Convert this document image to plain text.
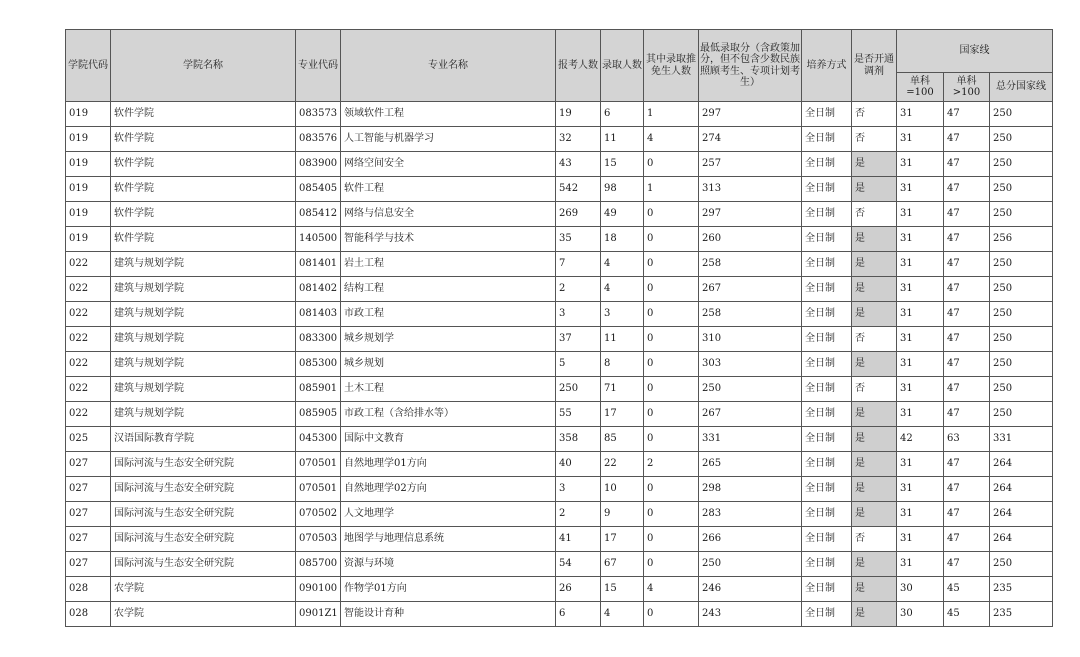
学院代码	学院名称	专业代码	专业名称	报考人数	录取人数	其中录取推免生人数	最低录取分（含政策加分，但不包含少数民族照顾考生、专项计划考生）	培养方式	是否开通调剂	国家线		
										单科=100	单科>100	总分国家线
019	软件学院	083573	领域软件工程	19	6	1	297	全日制	否	31	47	250
019	软件学院	083576	人工智能与机器学习	32	11	4	274	全日制	否	31	47	250
019	软件学院	083900	网络空间安全	43	15	0	257	全日制	是	31	47	250
019	软件学院	085405	软件工程	542	98	1	313	全日制	是	31	47	250
019	软件学院	085412	网络与信息安全	269	49	0	297	全日制	否	31	47	250
019	软件学院	140500	智能科学与技术	35	18	0	260	全日制	是	31	47	256
022	建筑与规划学院	081401	岩土工程	7	4	0	258	全日制	是	31	47	250
022	建筑与规划学院	081402	结构工程	2	4	0	267	全日制	是	31	47	250
022	建筑与规划学院	081403	市政工程	3	3	0	258	全日制	是	31	47	250
022	建筑与规划学院	083300	城乡规划学	37	11	0	310	全日制	否	31	47	250
022	建筑与规划学院	085300	城乡规划	5	8	0	303	全日制	是	31	47	250
022	建筑与规划学院	085901	土木工程	250	71	0	250	全日制	否	31	47	250
022	建筑与规划学院	085905	市政工程（含给排水等）	55	17	0	267	全日制	是	31	47	250
025	汉语国际教育学院	045300	国际中文教育	358	85	0	331	全日制	是	42	63	331
027	国际河流与生态安全研究院	070501	自然地理学01方向	40	22	2	265	全日制	是	31	47	264
027	国际河流与生态安全研究院	070501	自然地理学02方向	3	10	0	298	全日制	是	31	47	264
027	国际河流与生态安全研究院	070502	人文地理学	2	9	0	283	全日制	是	31	47	264
027	国际河流与生态安全研究院	070503	地图学与地理信息系统	41	17	0	266	全日制	否	31	47	264
027	国际河流与生态安全研究院	085700	资源与环境	54	67	0	250	全日制	是	31	47	250
028	农学院	090100	作物学01方向	26	15	4	246	全日制	是	30	45	235
028	农学院	0901Z1	智能设计育种	6	4	0	243	全日制	是	30	45	235
